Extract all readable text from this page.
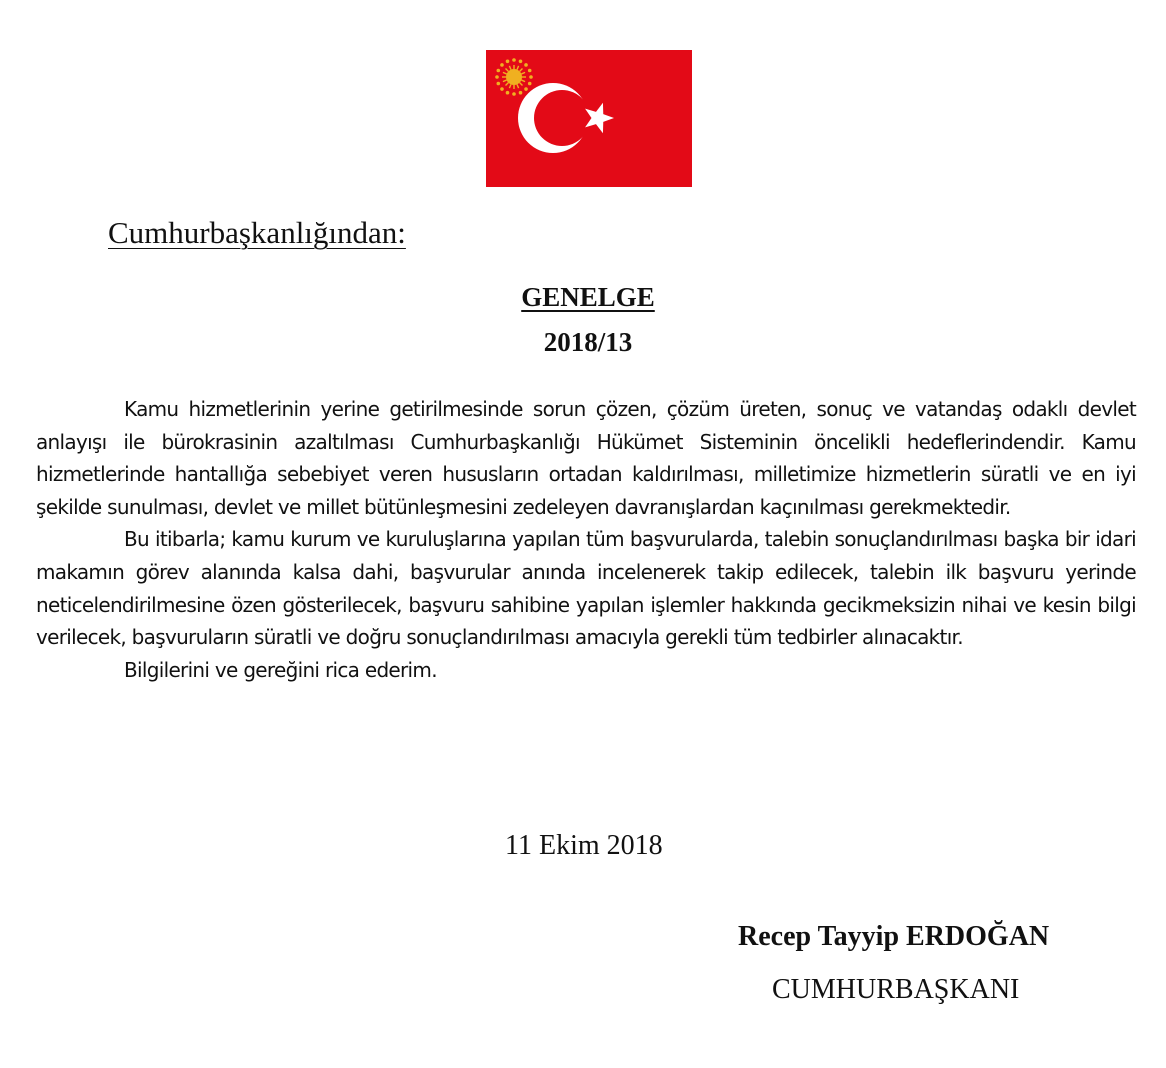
Cumhurbaşkanlığından:
GENELGE
2018/13

Kamu hizmetlerinin yerine getirilmesinde sorun çözen, çözüm üreten, sonuç ve vatandaş odaklı devlet anlayışı ile bürokrasinin azaltılması Cumhurbaşkanlığı Hükümet Sisteminin öncelikli hedeflerindendir. Kamu hizmetlerinde hantallığa sebebiyet veren hususların ortadan kaldırılması, milletimize hizmetlerin süratli ve en iyi şekilde sunulması, devlet ve millet bütünleşmesini zedeleyen davranışlardan kaçınılması gerekmektedir.

Bu itibarla; kamu kurum ve kuruluşlarına yapılan tüm başvurularda, talebin sonuçlandırılması başka bir idari makamın görev alanında kalsa dahi, başvurular anında incelenerek takip edilecek, talebin ilk başvuru yerinde neticelendirilmesine özen gösterilecek, başvuru sahibine yapılan işlemler hakkında gecikmeksizin nihai ve kesin bilgi verilecek, başvuruların süratli ve doğru sonuçlandırılması amacıyla gerekli tüm tedbirler alınacaktır.

Bilgilerini ve gereğini rica ederim.

11 Ekim 2018
Recep Tayyip ERDOĞAN
CUMHURBAŞKANI
